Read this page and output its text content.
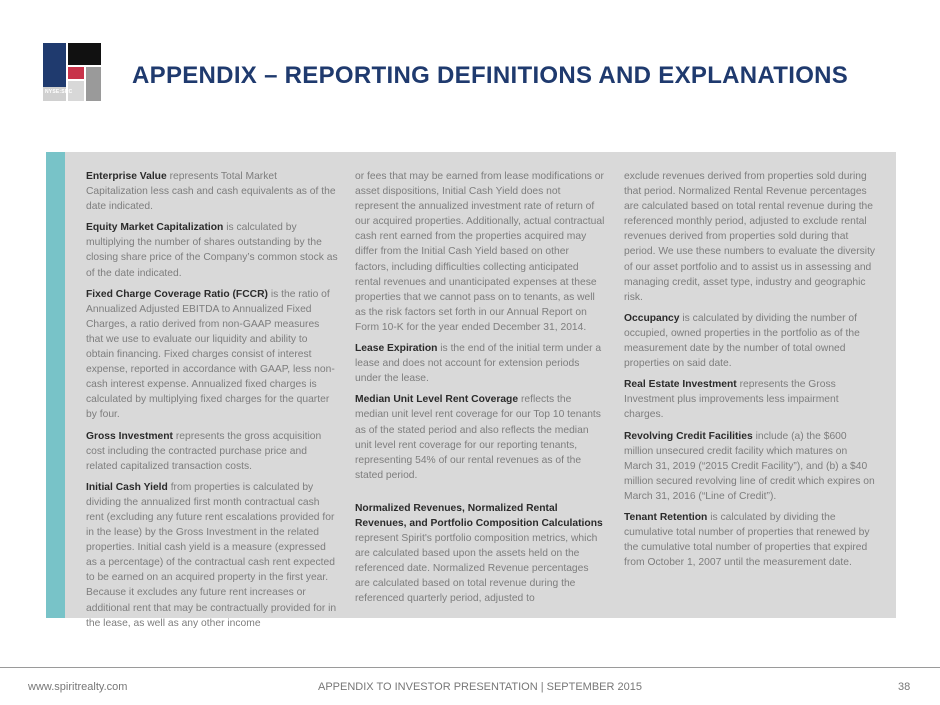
NYSE:SRC
APPENDIX – REPORTING DEFINITIONS AND EXPLANATIONS

Enterprise Value represents Total Market Capitalization less cash and cash equivalents as of the date indicated.

Equity Market Capitalization is calculated by multiplying the number of shares outstanding by the closing share price of the Company’s common stock as of the date indicated.

Fixed Charge Coverage Ratio (FCCR) is the ratio of Annualized Adjusted EBITDA to Annualized Fixed Charges, a ratio derived from non-GAAP measures that we use to evaluate our liquidity and ability to obtain financing. Fixed charges consist of interest expense, reported in accordance with GAAP, less non-cash interest expense. Annualized fixed charges is calculated by multiplying fixed charges for the quarter by four.

Gross Investment represents the gross acquisition cost including the contracted purchase price and related capitalized transaction costs.

Initial Cash Yield from properties is calculated by dividing the annualized first month contractual cash rent (excluding any future rent escalations provided for in the lease) by the Gross Investment in the related properties. Initial cash yield is a measure (expressed as a percentage) of the contractual cash rent expected to be earned on an acquired property in the first year. Because it excludes any future rent increases or additional rent that may be contractually provided for in the lease, as well as any other income

or fees that may be earned from lease modifications or asset dispositions, Initial Cash Yield does not represent the annualized investment rate of return of our acquired properties. Additionally, actual contractual cash rent earned from the properties acquired may differ from the Initial Cash Yield based on other factors, including difficulties collecting anticipated rental revenues and unanticipated expenses at these properties that we cannot pass on to tenants, as well as the risk factors set forth in our Annual Report on Form 10-K for the year ended December 31, 2014.

Lease Expiration is the end of the initial term under a lease and does not account for extension periods under the lease.

Median Unit Level Rent Coverage reflects the median unit level rent coverage for our Top 10 tenants as of the stated period and also reflects the median unit level rent coverage for our reporting tenants, representing 54% of our rental revenues as of the stated period.

Normalized Revenues, Normalized Rental Revenues, and Portfolio Composition Calculations represent Spirit's portfolio composition metrics, which are calculated based upon the assets held on the referenced date. Normalized Revenue percentages are calculated based on total revenue during the referenced quarterly period, adjusted to

exclude revenues derived from properties sold during that period. Normalized Rental Revenue percentages are calculated based on total rental revenue during the referenced monthly period, adjusted to exclude rental revenues derived from properties sold during that period. We use these numbers to evaluate the diversity of our asset portfolio and to assist us in assessing and managing credit, asset type, industry and geographic risk.

Occupancy is calculated by dividing the number of occupied, owned properties in the portfolio as of the measurement date by the number of total owned properties on said date.

Real Estate Investment represents the Gross Investment plus improvements less impairment charges.

Revolving Credit Facilities include (a) the $600 million unsecured credit facility which matures on March 31, 2019 (“2015 Credit Facility”), and (b) a $40 million secured revolving line of credit which expires on March 31, 2016 (“Line of Credit”).

Tenant Retention is calculated by dividing the cumulative total number of properties that renewed by the cumulative total number of properties that expired from October 1, 2007 until the measurement date.

www.spiritrealty.com	APPENDIX TO INVESTOR PRESENTATION | SEPTEMBER 2015	38
